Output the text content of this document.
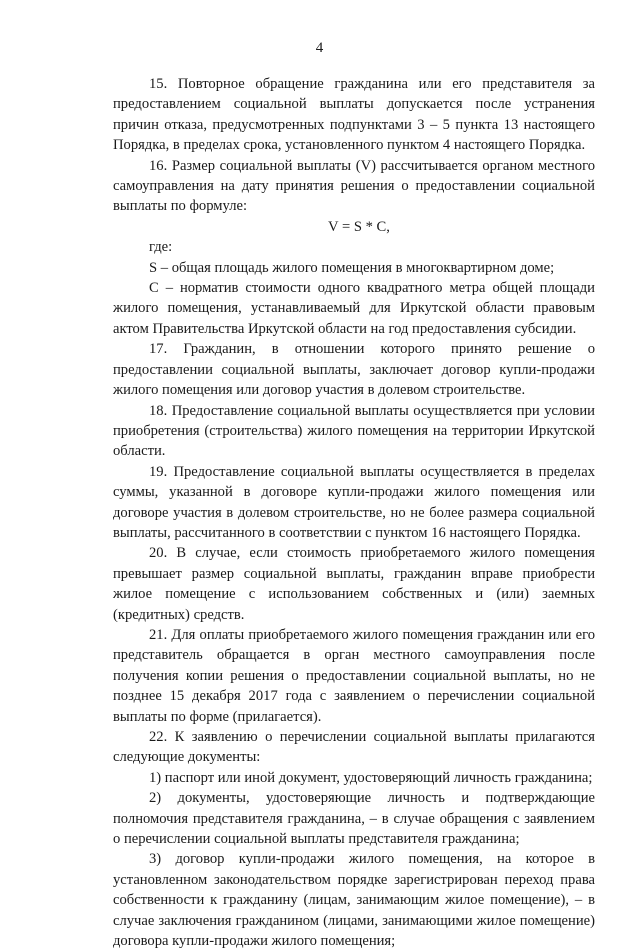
4

15. Повторное обращение гражданина или его представителя за предоставлением социальной выплаты допускается после устранения причин отказа, предусмотренных подпунктами 3 – 5 пункта 13 настоящего Порядка, в пределах срока, установленного пунктом 4 настоящего Порядка.

16. Размер социальной выплаты (V) рассчитывается органом местного самоуправления на дату принятия решения о предоставлении социальной выплаты по формуле:

V = S * C,

где:

S – общая площадь жилого помещения в многоквартирном доме;

C – норматив стоимости одного квадратного метра общей площади жилого помещения, устанавливаемый для Иркутской области правовым актом Правительства Иркутской области на год предоставления субсидии.

17. Гражданин, в отношении которого принято решение о предоставлении социальной выплаты, заключает договор купли-продажи жилого помещения или договор участия в долевом строительстве.

18. Предоставление социальной выплаты осуществляется при условии приобретения (строительства) жилого помещения на территории Иркутской области.

19. Предоставление социальной выплаты осуществляется в пределах суммы, указанной в договоре купли-продажи жилого помещения или договоре участия в долевом строительстве, но не более размера социальной выплаты, рассчитанного в соответствии с пунктом 16 настоящего Порядка.

20. В случае, если стоимость приобретаемого жилого помещения превышает размер социальной выплаты, гражданин вправе приобрести жилое помещение с использованием собственных и (или) заемных (кредитных) средств.

21. Для оплаты приобретаемого жилого помещения гражданин или его представитель обращается в орган местного самоуправления после получения копии решения о предоставлении социальной выплаты, но не позднее 15 декабря 2017 года с заявлением о перечислении социальной выплаты по форме (прилагается).

22. К заявлению о перечислении социальной выплаты прилагаются следующие документы:

1) паспорт или иной документ, удостоверяющий личность гражданина;

2) документы, удостоверяющие личность и подтверждающие полномочия представителя гражданина, – в случае обращения с заявлением о перечислении социальной выплаты представителя гражданина;

3) договор купли-продажи жилого помещения, на которое в установленном законодательством порядке зарегистрирован переход права собственности к гражданину (лицам, занимающим жилое помещение), – в случае заключения гражданином (лицами, занимающими жилое помещение) договора купли-продажи жилого помещения;
